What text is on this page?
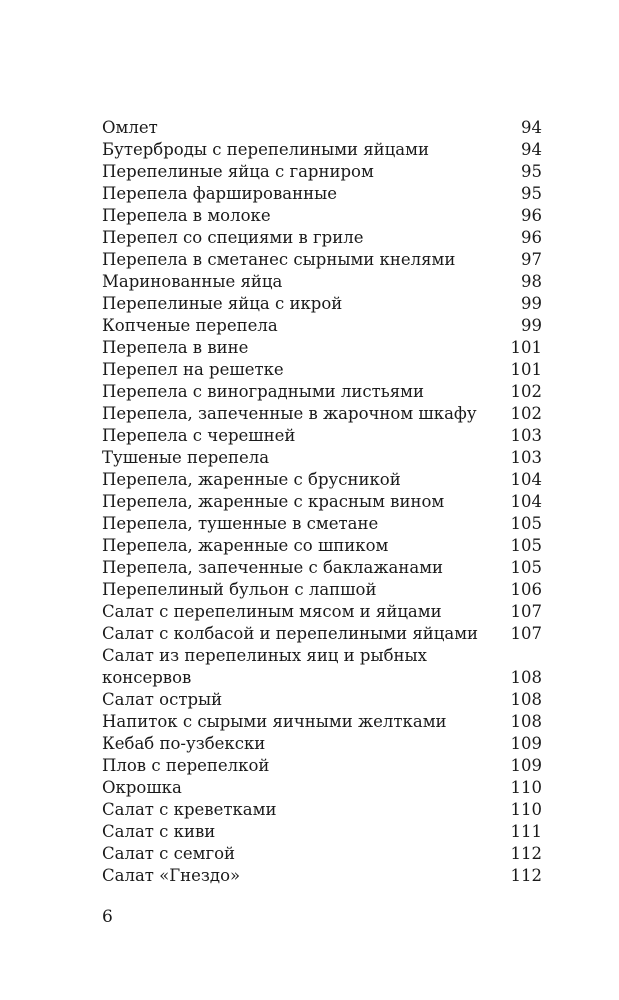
Омлет	94
Бутерброды с перепелиными яйцами	94
Перепелиные яйца с гарниром	95
Перепела фаршированные	95
Перепела в молоке	96
Перепел со специями в гриле	96
Перепела в сметанес сырными кнелями	97
Маринованные яйца	98
Перепелиные яйца с икрой	99
Копченые перепела	99
Перепела в вине	101
Перепел на решетке	101
Перепела с виноградными листьями	102
Перепела, запеченные в жарочном шкафу 102
Перепела с черешней	103
Тушеные перепела	103
Перепела, жаренные с брусникой	104
Перепела, жаренные с красным вином	104
Перепела, тушенные в сметане	105
Перепела, жаренные со шпиком	105
Перепела, запеченные с баклажанами	105
Перепелиный бульон с лапшой	106
Салат с перепелиным мясом и яйцами	107
Салат с колбасой и перепелиными яйцами 107
Салат из перепелиных яиц и рыбных
консервов	108
Салат острый	108
Напиток с сырыми яичными желтками	108
Кебаб по-узбекски	109
Плов с перепелкой	109
Окрошка	110
Салат с креветками	110
Салат с киви	111
Салат с семгой	112
Салат «Гнездо»	112
6
